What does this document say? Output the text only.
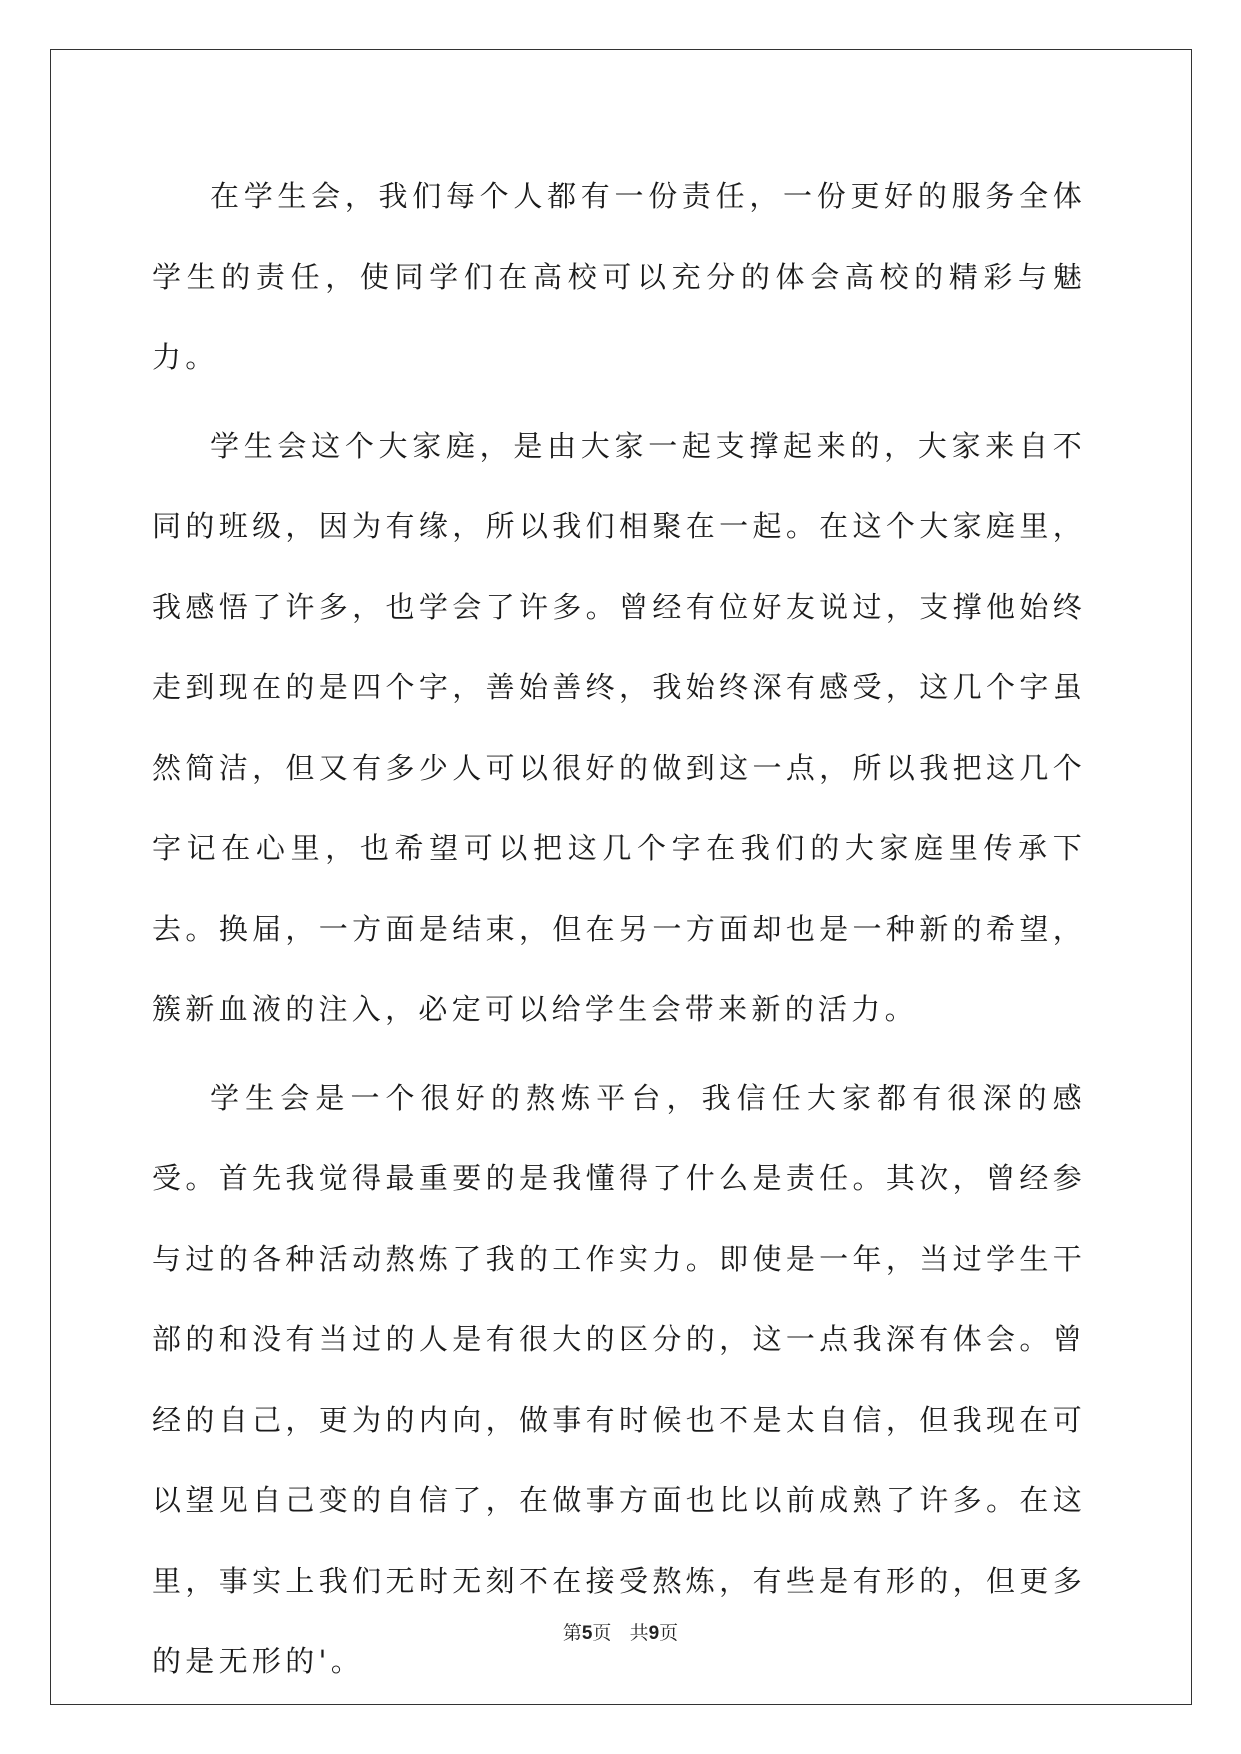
在学生会，我们每个人都有一份责任，一份更好的服务全体学生的责任，使同学们在高校可以充分的体会高校的精彩与魅力。

学生会这个大家庭，是由大家一起支撑起来的，大家来自不同的班级，因为有缘，所以我们相聚在一起。在这个大家庭里，我感悟了许多，也学会了许多。曾经有位好友说过，支撑他始终走到现在的是四个字，善始善终，我始终深有感受，这几个字虽然简洁，但又有多少人可以很好的做到这一点，所以我把这几个字记在心里，也希望可以把这几个字在我们的大家庭里传承下去。换届，一方面是结束，但在另一方面却也是一种新的希望，簇新血液的注入，必定可以给学生会带来新的活力。

学生会是一个很好的熬炼平台，我信任大家都有很深的感受。首先我觉得最重要的是我懂得了什么是责任。其次，曾经参与过的各种活动熬炼了我的工作实力。即使是一年，当过学生干部的和没有当过的人是有很大的区分的，这一点我深有体会。曾经的自己，更为的内向，做事有时候也不是太自信，但我现在可以望见自己变的自信了，在做事方面也比以前成熟了许多。在这里，事实上我们无时无刻不在接受熬炼，有些是有形的，但更多的是无形的'。

第5页 共9页
